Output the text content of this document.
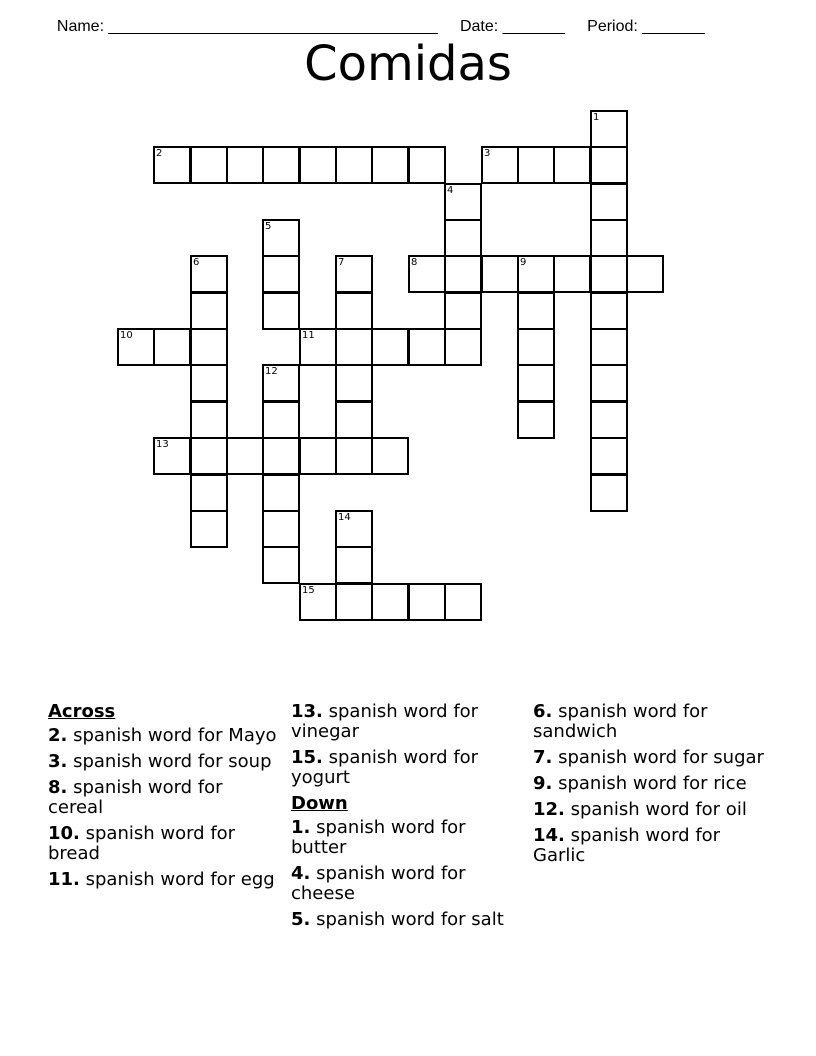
Name: _____________________________________ Date: _______ Period: _______

Comidas
1
2	3
4
5
6	7	8	9
10	11
12
13
14
15
Across
2. spanish word for Mayo
3. spanish word for soup
8. spanish word for cereal
10. spanish word for bread
11. spanish word for egg
13. spanish word for vinegar
15. spanish word for yogurt
Down
1. spanish word for butter
4. spanish word for cheese
5. spanish word for salt
6. spanish word for sandwich
7. spanish word for sugar
9. spanish word for rice
12. spanish word for oil
14. spanish word for Garlic
